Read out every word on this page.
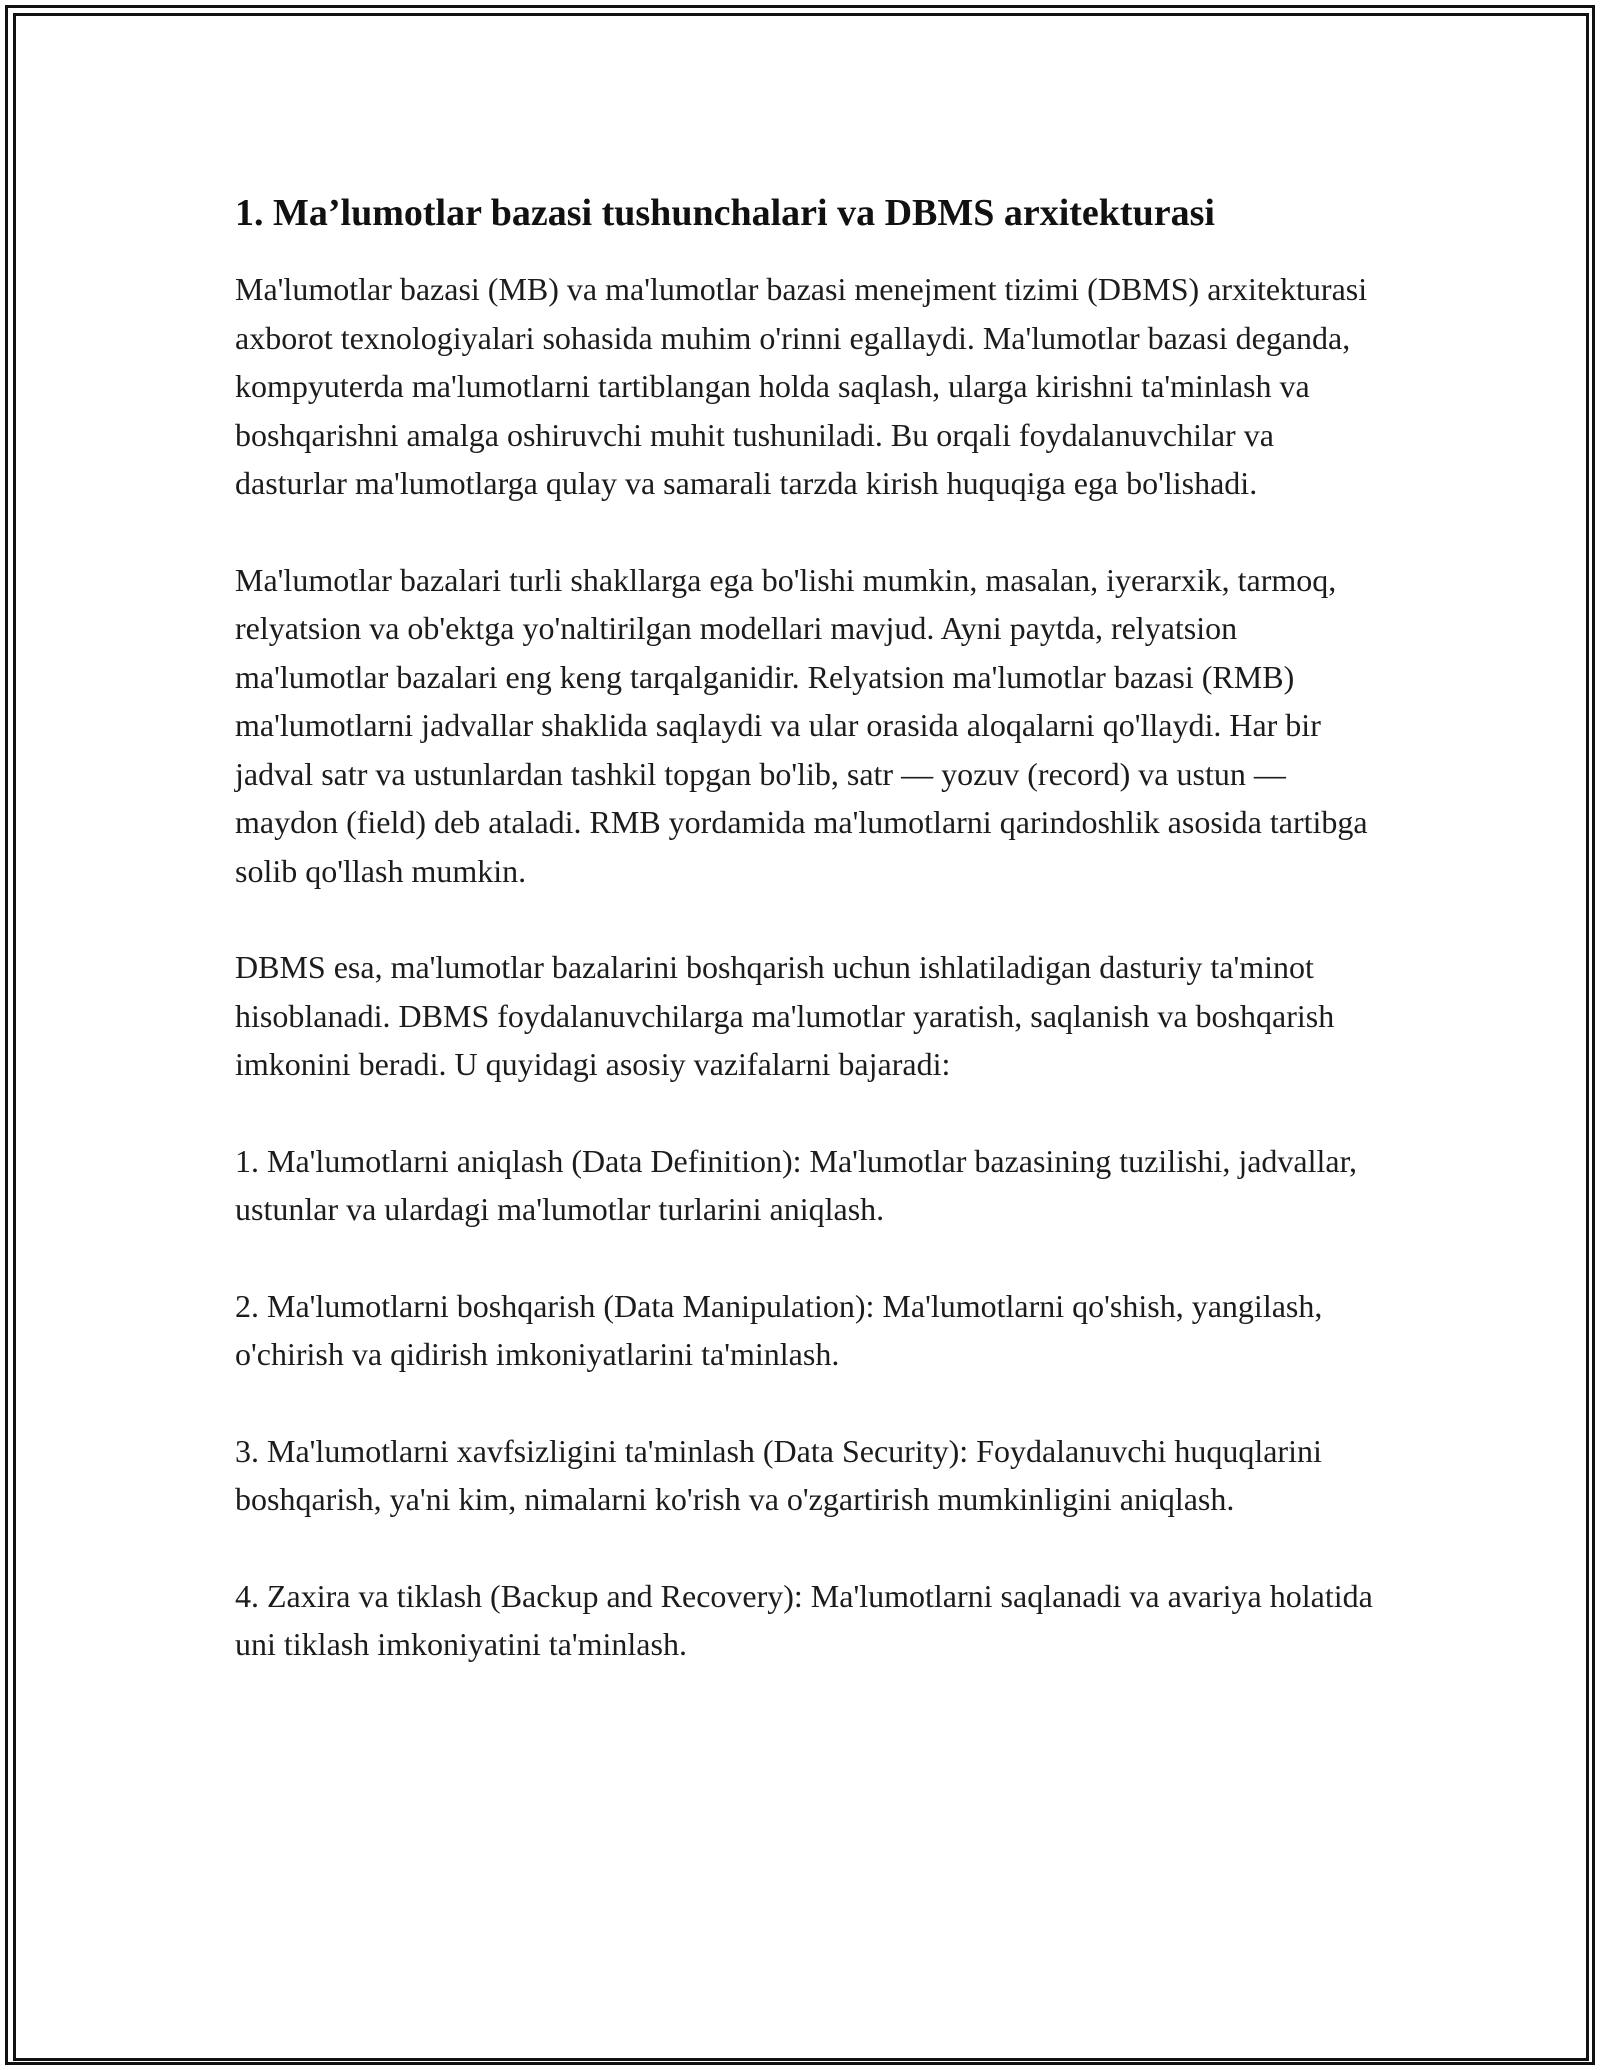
1. Ma’lumotlar bazasi tushunchalari va DBMS arxitekturasi

Ma'lumotlar bazasi (MB) va ma'lumotlar bazasi menejment tizimi (DBMS) arxitekturasi axborot texnologiyalari sohasida muhim o'rinni egallaydi. Ma'lumotlar bazasi deganda, kompyuterda ma'lumotlarni tartiblangan holda saqlash, ularga kirishni ta'minlash va boshqarishni amalga oshiruvchi muhit tushuniladi. Bu orqali foydalanuvchilar va dasturlar ma'lumotlarga qulay va samarali tarzda kirish huquqiga ega bo'lishadi.

Ma'lumotlar bazalari turli shakllarga ega bo'lishi mumkin, masalan, iyerarxik, tarmoq, relyatsion va ob'ektga yo'naltirilgan modellari mavjud. Ayni paytda, relyatsion ma'lumotlar bazalari eng keng tarqalganidir. Relyatsion ma'lumotlar bazasi (RMB) ma'lumotlarni jadvallar shaklida saqlaydi va ular orasida aloqalarni qo'llaydi. Har bir jadval satr va ustunlardan tashkil topgan bo'lib, satr — yozuv (record) va ustun — maydon (field) deb ataladi. RMB yordamida ma'lumotlarni qarindoshlik asosida tartibga solib qo'llash mumkin.

DBMS esa, ma'lumotlar bazalarini boshqarish uchun ishlatiladigan dasturiy ta'minot hisoblanadi. DBMS foydalanuvchilarga ma'lumotlar yaratish, saqlanish va boshqarish imkonini beradi. U quyidagi asosiy vazifalarni bajaradi:

1. Ma'lumotlarni aniqlash (Data Definition): Ma'lumotlar bazasining tuzilishi, jadvallar, ustunlar va ulardagi ma'lumotlar turlarini aniqlash.

2. Ma'lumotlarni boshqarish (Data Manipulation): Ma'lumotlarni qo'shish, yangilash, o'chirish va qidirish imkoniyatlarini ta'minlash.

3. Ma'lumotlarni xavfsizligini ta'minlash (Data Security): Foydalanuvchi huquqlarini boshqarish, ya'ni kim, nimalarni ko'rish va o'zgartirish mumkinligini aniqlash.

4. Zaxira va tiklash (Backup and Recovery): Ma'lumotlarni saqlanadi va avariya holatida uni tiklash imkoniyatini ta'minlash.
